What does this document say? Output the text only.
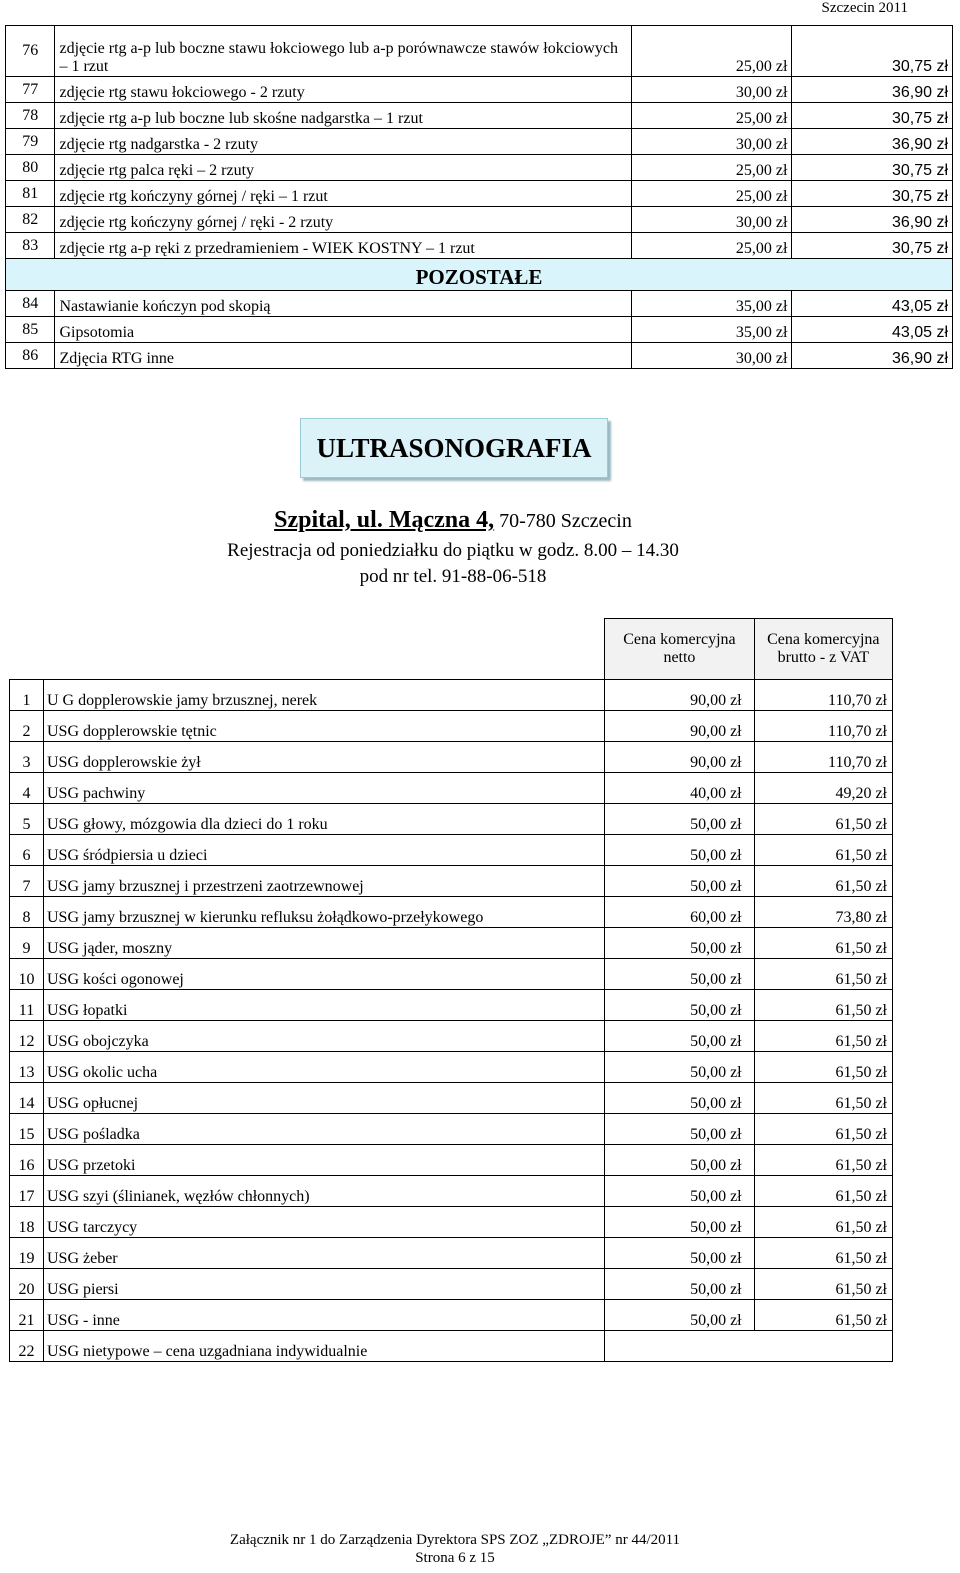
Szczecin 2011
76	zdjęcie rtg a-p lub boczne stawu łokciowego lub a-p porównawcze stawów łokciowych – 1 rzut	25,00 zł	30,75 zł
77	zdjęcie rtg stawu łokciowego - 2 rzuty	30,00 zł	36,90 zł
78	zdjęcie rtg a-p lub boczne lub skośne nadgarstka – 1 rzut	25,00 zł	30,75 zł
79	zdjęcie rtg nadgarstka - 2 rzuty	30,00 zł	36,90 zł
80	zdjęcie rtg palca ręki – 2 rzuty	25,00 zł	30,75 zł
81	zdjęcie rtg kończyny górnej / ręki – 1 rzut	25,00 zł	30,75 zł
82	zdjęcie rtg kończyny górnej / ręki - 2 rzuty	30,00 zł	36,90 zł
83	zdjęcie rtg a-p ręki z przedramieniem - WIEK KOSTNY – 1 rzut	25,00 zł	30,75 zł
POZOSTAŁE			
84	Nastawianie kończyn pod skopią	35,00 zł	43,05 zł
85	Gipsotomia	35,00 zł	43,05 zł
86	Zdjęcia RTG inne	30,00 zł	36,90 zł
ULTRASONOGRAFIA
Szpital, ul. Mączna 4, 70-780 Szczecin
Rejestracja od poniedziałku do piątku w godz. 8.00 – 14.30
pod nr tel. 91-88-06-518
		Cena komercyjna netto	Cena komercyjna brutto - z VAT
1	U G dopplerowskie jamy brzusznej, nerek	90,00 zł	110,70 zł
2	USG dopplerowskie tętnic	90,00 zł	110,70 zł
3	USG dopplerowskie żył	90,00 zł	110,70 zł
4	USG pachwiny	40,00 zł	49,20 zł
5	USG głowy, mózgowia dla dzieci do 1 roku	50,00 zł	61,50 zł
6	USG śródpiersia u dzieci	50,00 zł	61,50 zł
7	USG jamy brzusznej i przestrzeni zaotrzewnowej	50,00 zł	61,50 zł
8	USG jamy brzusznej w kierunku refluksu żołądkowo-przełykowego	60,00 zł	73,80 zł
9	USG jąder, moszny	50,00 zł	61,50 zł
10	USG kości ogonowej	50,00 zł	61,50 zł
11	USG łopatki	50,00 zł	61,50 zł
12	USG obojczyka	50,00 zł	61,50 zł
13	USG okolic ucha	50,00 zł	61,50 zł
14	USG opłucnej	50,00 zł	61,50 zł
15	USG pośladka	50,00 zł	61,50 zł
16	USG przetoki	50,00 zł	61,50 zł
17	USG szyi (ślinianek, węzłów chłonnych)	50,00 zł	61,50 zł
18	USG tarczycy	50,00 zł	61,50 zł
19	USG żeber	50,00 zł	61,50 zł
20	USG piersi	50,00 zł	61,50 zł
21	USG - inne	50,00 zł	61,50 zł
22	USG nietypowe – cena uzgadniana indywidualnie		
Załącznik nr 1 do Zarządzenia Dyrektora SPS ZOZ „ZDROJE” nr 44/2011
Strona 6 z 15
